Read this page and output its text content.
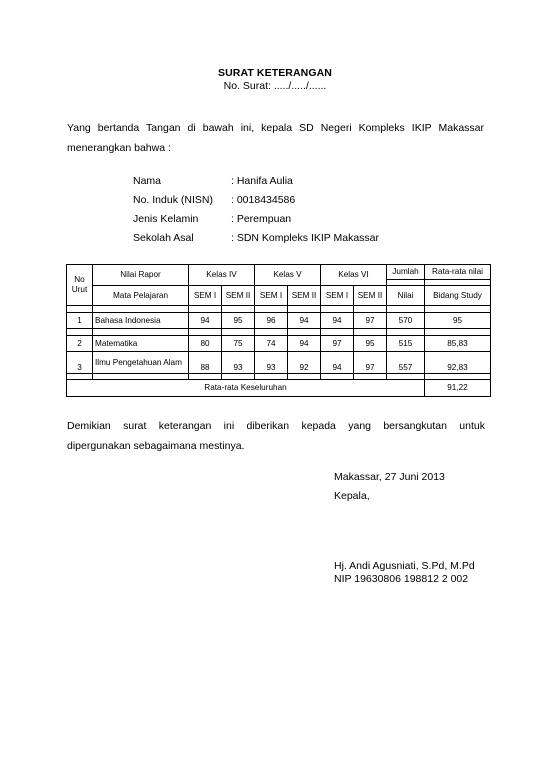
SURAT KETERANGAN
No. Surat: ...../...../......
Yang bertanda Tangan di bawah ini, kepala SD Negeri Kompleks IKIP Makassar
menerangkan bahwa :
Nama	: Hanifa Aulia
No. Induk (NISN)	: 0018434586
Jenis Kelamin	: Perempuan
Sekolah Asal	: SDN Kompleks IKIP Makassar
No Urut	Nilai Rapor	Kelas IV		Kelas V		Kelas VI		Jumlah	Rata-rata nilai

	Mata Pelajaran	SEM I	SEM II	SEM I	SEM II	SEM I	SEM II	Nilai	Bidang Study

1	Bahasa Indonesia	94	95	96	94	94	97	570	95

2	Matematika	80	75	74	94	97	95	515	85,83
3	Ilmu Pengetahuan Alam	88	93	93	92	94	97	557	92,83

Rata-rata Keseluruhan									91,22
Demikian surat keterangan ini diberikan kepada yang bersangkutan untuk
dipergunakan sebagaimana mestinya.
Makassar, 27 Juni 2013
Kepala,
Hj. Andi Agusniati, S.Pd, M.Pd
NIP 19630806 198812 2 002
